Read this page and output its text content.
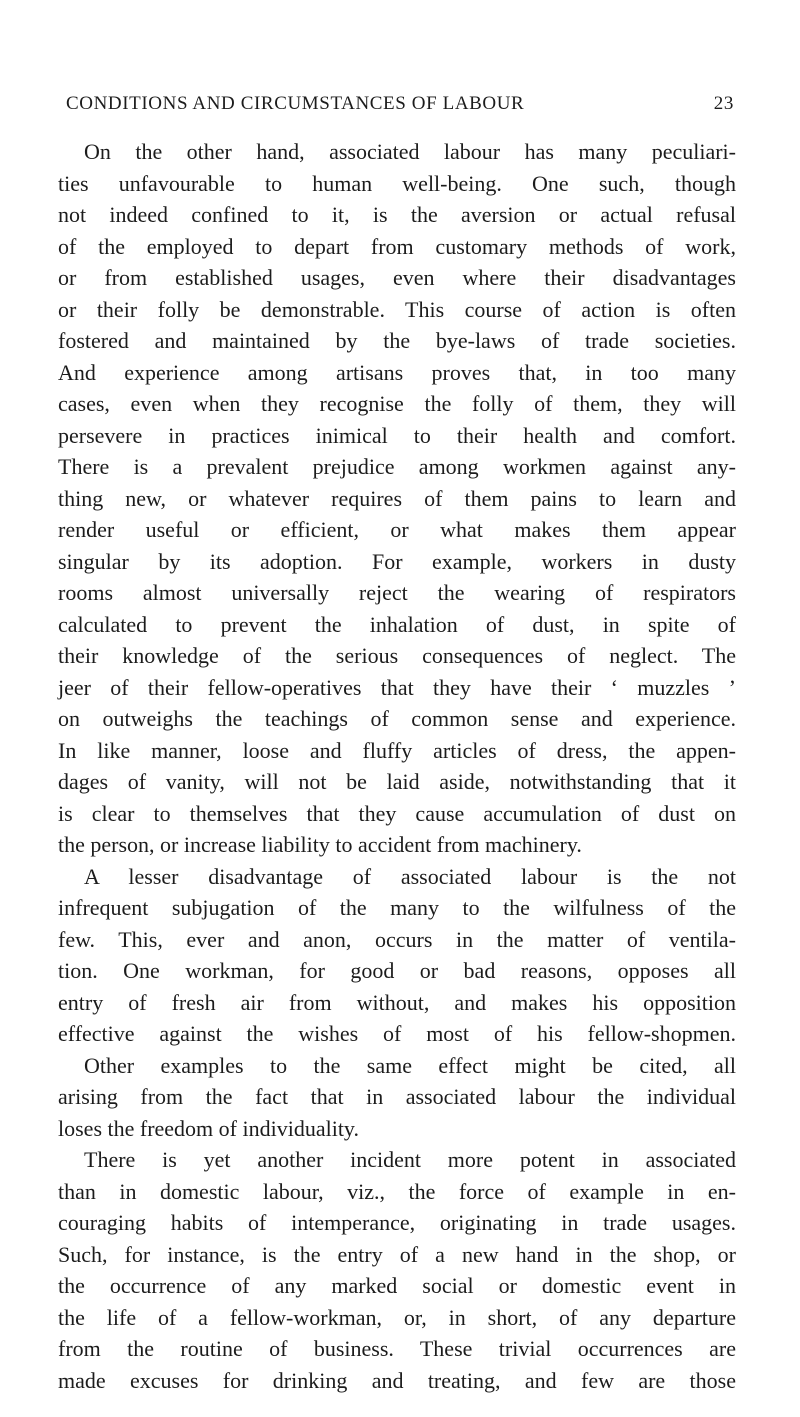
CONDITIONS AND CIRCUMSTANCES OF LABOUR	23
On the other hand, associated labour has many peculiari-
ties unfavourable to human well-being. One such, though
not indeed confined to it, is the aversion or actual refusal
of the employed to depart from customary methods of work,
or from established usages, even where their disadvantages
or their folly be demonstrable. This course of action is often
fostered and maintained by the bye-laws of trade societies.
And experience among artisans proves that, in too many
cases, even when they recognise the folly of them, they will
persevere in practices inimical to their health and comfort.
There is a prevalent prejudice among workmen against any-
thing new, or whatever requires of them pains to learn and
render useful or efficient, or what makes them appear
singular by its adoption. For example, workers in dusty
rooms almost universally reject the wearing of respirators
calculated to prevent the inhalation of dust, in spite of
their knowledge of the serious consequences of neglect. The
jeer of their fellow-operatives that they have their ‘ muzzles ’
on outweighs the teachings of common sense and experience.
In like manner, loose and fluffy articles of dress, the appen-
dages of vanity, will not be laid aside, notwithstanding that it
is clear to themselves that they cause accumulation of dust on
the person, or increase liability to accident from machinery.
A lesser disadvantage of associated labour is the not
infrequent subjugation of the many to the wilfulness of the
few. This, ever and anon, occurs in the matter of ventila-
tion. One workman, for good or bad reasons, opposes all
entry of fresh air from without, and makes his opposition
effective against the wishes of most of his fellow-shopmen.
Other examples to the same effect might be cited, all
arising from the fact that in associated labour the individual
loses the freedom of individuality.
There is yet another incident more potent in associated
than in domestic labour, viz., the force of example in en-
couraging habits of intemperance, originating in trade usages.
Such, for instance, is the entry of a new hand in the shop, or
the occurrence of any marked social or domestic event in
the life of a fellow-workman, or, in short, of any departure
from the routine of business. These trivial occurrences are
made excuses for drinking and treating, and few are those
